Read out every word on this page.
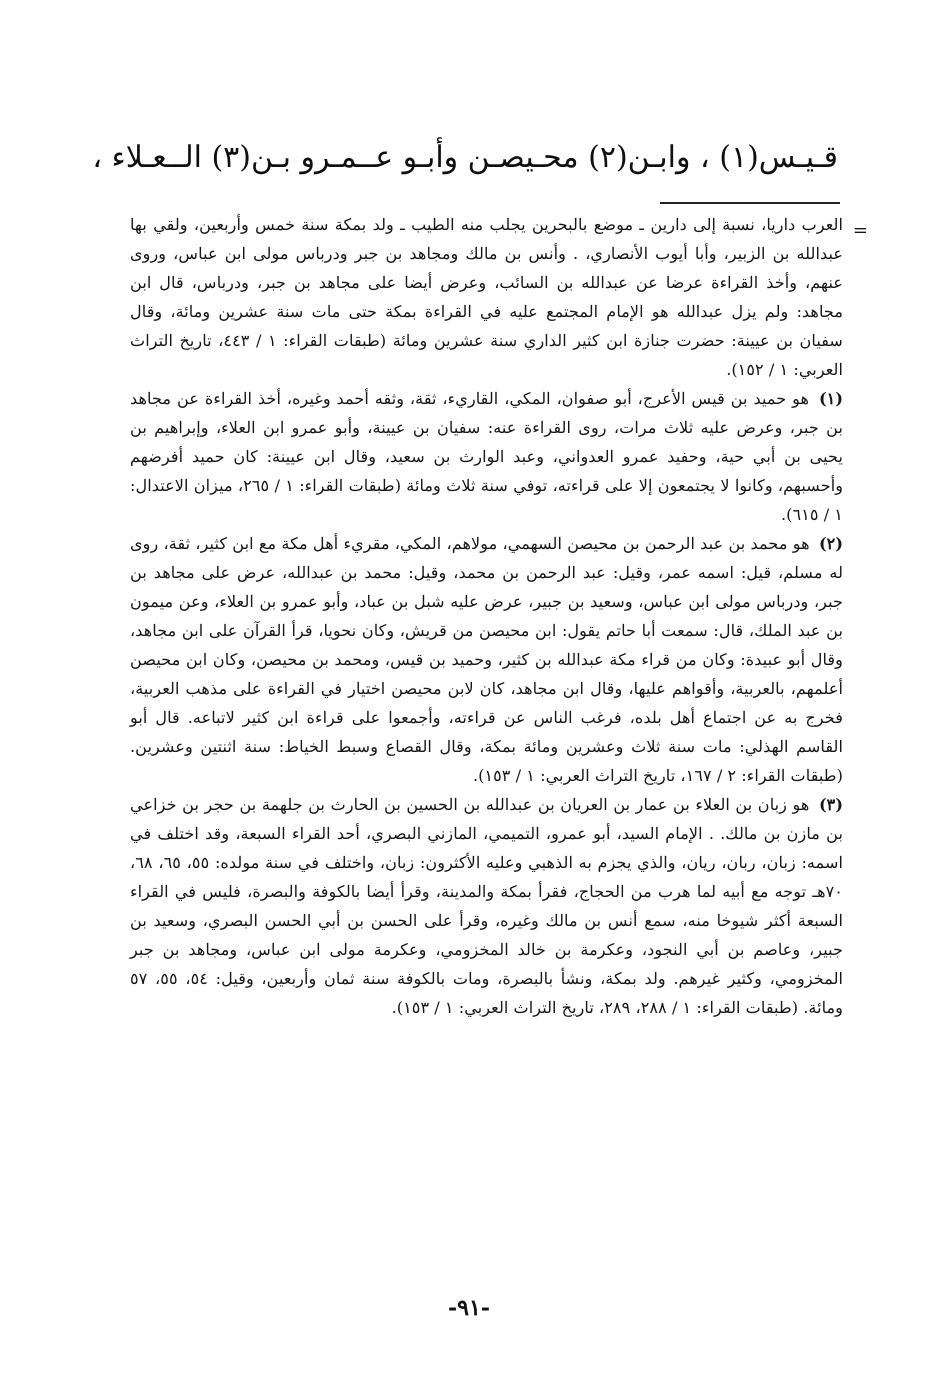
قـيـس(١) ، وابـن(٢) محـيصـن وأبـو عــمـرو بـن(٣) الــعـلاء ،

=
العرب داريا، نسبة إلى دارين ـ موضع بالبحرين يجلب منه الطيب ـ ولد بمكة سنة خمس وأربعين، ولقي بها عبدالله بن الزبير، وأبا أيوب الأنصاري، . وأنس بن مالك ومجاهد بن جبر ودرباس مولى ابن عباس، وروى عنهم، وأخذ القراءة عرضا عن عبدالله بن السائب، وعرض أيضا على مجاهد بن جبر، ودرباس، قال ابن مجاهد: ولم يزل عبدالله هو الإمام المجتمع عليه في القراءة بمكة حتى مات سنة عشرين ومائة، وقال سفيان بن عيينة: حضرت جنازة ابن كثير الداري سنة عشرين ومائة (طبقات القراء: ١ / ٤٤٣، تاريخ التراث العربي: ١ / ١٥٢).

(١) هو حميد بن قيس الأعرج، أبو صفوان، المكي، القاريء، ثقة، وثقه أحمد وغيره، أخذ القراءة عن مجاهد بن جبر، وعرض عليه ثلاث مرات، روى القراءة عنه: سفيان بن عيينة، وأبو عمرو ابن العلاء، وإبراهيم بن يحيى بن أبي حية، وحفيد عمرو العدواني، وعبد الوارث بن سعيد، وقال ابن عيينة: كان حميد أفرضهم وأحسبهم، وكانوا لا يجتمعون إلا على قراءته، توفي سنة ثلاث ومائة (طبقات القراء: ١ / ٢٦٥، ميزان الاعتدال: ١ / ٦١٥).

(٢) هو محمد بن عبد الرحمن بن محيصن السهمي، مولاهم، المكي، مقريء أهل مكة مع ابن كثير، ثقة، روى له مسلم، قيل: اسمه عمر، وقيل: عبد الرحمن بن محمد، وقيل: محمد بن عبدالله، عرض على مجاهد بن جبر، ودرباس مولى ابن عباس، وسعيد بن جبير، عرض عليه شبل بن عباد، وأبو عمرو بن العلاء، وعن ميمون بن عبد الملك، قال: سمعت أبا حاتم يقول: ابن محيصن من قريش، وكان نحويا، قرأ القرآن على ابن مجاهد، وقال أبو عبيدة: وكان من قراء مكة عبدالله بن كثير، وحميد بن قيس، ومحمد بن محيصن، وكان ابن محيصن أعلمهم، بالعربية، وأقواهم عليها، وقال ابن مجاهد، كان لابن محيصن اختيار في القراءة على مذهب العربية، فخرج به عن اجتماع أهل بلده، فرغب الناس عن قراءته، وأجمعوا على قراءة ابن كثير لاتباعه. قال أبو القاسم الهذلي: مات سنة ثلاث وعشرين ومائة بمكة، وقال القصاع وسبط الخياط: سنة اثنتين وعشرين. (طبقات القراء: ٢ / ١٦٧، تاريخ التراث العربي: ١ / ١٥٣).

(٣) هو زبان بن العلاء بن عمار بن العريان بن عبدالله بن الحسين بن الحارث بن جلهمة بن حجر بن خزاعي بن مازن بن مالك. . الإمام السيد، أبو عمرو، التميمي، المازني البصري، أحد القراء السبعة، وقد اختلف في اسمه: زبان، ربان، ريان، والذي يجزم به الذهبي وعليه الأكثرون: زبان، واختلف في سنة مولده: ٥٥، ٦٥، ٦٨، ٧٠هـ توجه مع أبيه لما هرب من الحجاج، فقرأ بمكة والمدينة، وقرأ أيضا بالكوفة والبصرة، فليس في القراء السبعة أكثر شيوخا منه، سمع أنس بن مالك وغيره، وقرأ على الحسن بن أبي الحسن البصري، وسعيد بن جبير، وعاصم بن أبي النجود، وعكرمة بن خالد المخزومي، وعكرمة مولى ابن عباس، ومجاهد بن جبر المخزومي، وكثير غيرهم. ولد بمكة، ونشأ بالبصرة، ومات بالكوفة سنة ثمان وأربعين، وقيل: ٥٤، ٥٥، ٥٧ ومائة. (طبقات القراء: ١ / ٢٨٨، ٢٨٩، تاريخ التراث العربي: ١ / ١٥٣).

-٩١-
